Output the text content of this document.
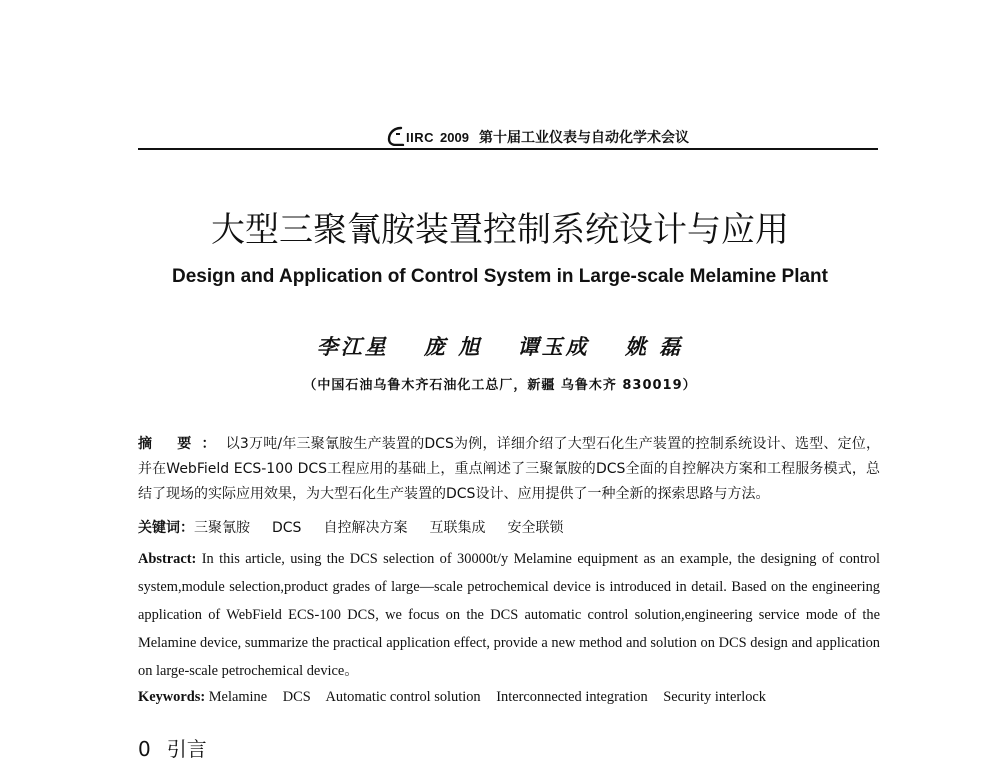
IIRC 2009 第十届工业仪表与自动化学术会议
大型三聚氰胺装置控制系统设计与应用
Design and Application of Control System in Large-scale Melamine Plant
李江星 庞 旭 谭玉成 姚 磊
（中国石油乌鲁木齐石油化工总厂，新疆 乌鲁木齐 830019）

摘 要：以3万吨/年三聚氰胺生产装置的DCS为例，详细介绍了大型石化生产装置的控制系统设计、选型、定位，并在WebField ECS-100 DCS工程应用的基础上，重点阐述了三聚氰胺的DCS全面的自控解决方案和工程服务模式，总结了现场的实际应用效果，为大型石化生产装置的DCS设计、应用提供了一种全新的探索思路与方法。

关键词：三聚氰胺 DCS 自控解决方案 互联集成 安全联锁

Abstract: In this article, using the DCS selection of 30000t/y Melamine equipment as an example, the designing of control system,module selection,product grades of large—scale petrochemical device is introduced in detail. Based on the engineering application of WebField ECS-100 DCS, we focus on the DCS automatic control solution,engineering service mode of the Melamine device, summarize the practical application effect, provide a new method and solution on DCS design and application on large-scale petrochemical device。

Keywords: Melamine DCS Automatic control solution Interconnected integration Security interlock
0 引言
